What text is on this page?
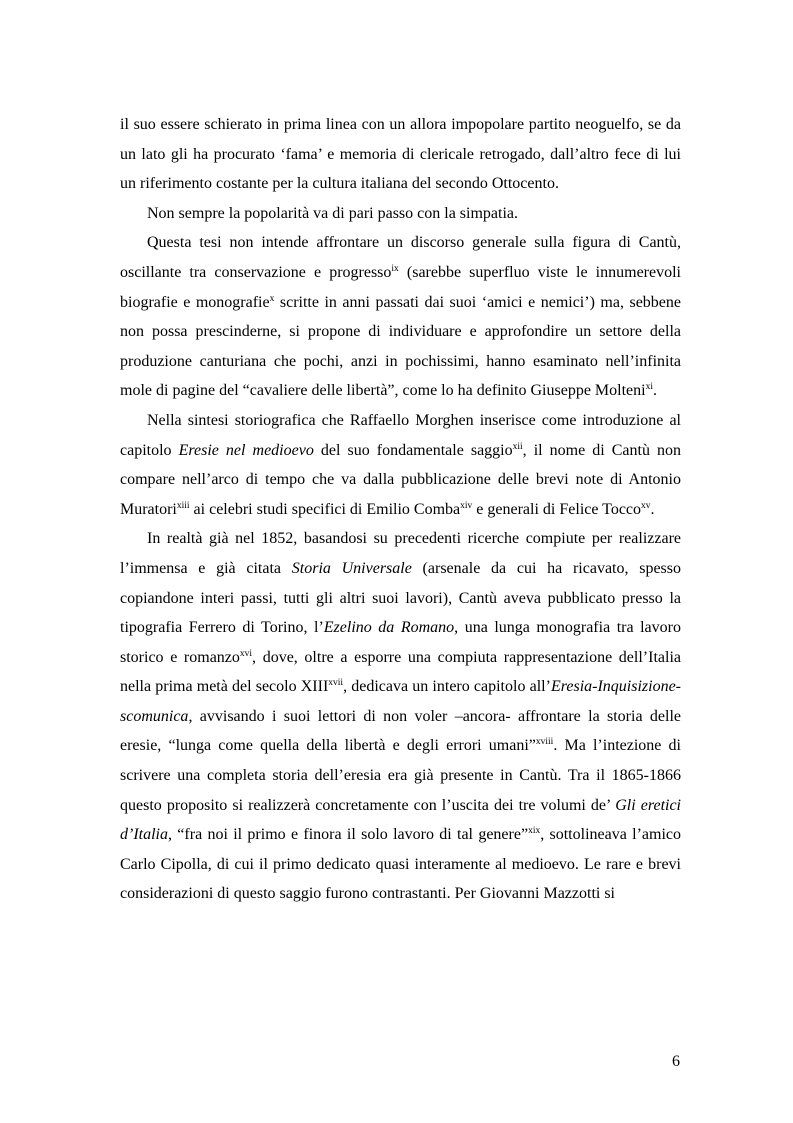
il suo essere schierato in prima linea con un allora impopolare partito neoguelfo, se da un lato gli ha procurato ‘fama’ e memoria di clericale retrogado, dall’altro fece di lui un riferimento costante per la cultura italiana del secondo Ottocento.

Non sempre la popolarità va di pari passo con la simpatia.

Questa tesi non intende affrontare un discorso generale sulla figura di Cantù, oscillante tra conservazione e progresso$^{ix}$ (sarebbe superfluo viste le innumerevoli biografie e monografie$^x$ scritte in anni passati dai suoi ‘amici e nemici’) ma, sebbene non possa prescinderne, si propone di individuare e approfondire un settore della produzione canturiana che pochi, anzi in pochissimi, hanno esaminato nell’infinita mole di pagine del “cavaliere delle libertà”, come lo ha definito Giuseppe Molteni$^{xi}$.

Nella sintesi storiografica che Raffaello Morghen inserisce come introduzione al capitolo Eresie nel medioevo del suo fondamentale saggio$^{xii}$, il nome di Cantù non compare nell’arco di tempo che va dalla pubblicazione delle brevi note di Antonio Muratori$^{xiii}$ ai celebri studi specifici di Emilio Comba$^{xiv}$ e generali di Felice Tocco$^{xv}$.

In realtà già nel 1852, basandosi su precedenti ricerche compiute per realizzare l’immensa e già citata Storia Universale (arsenale da cui ha ricavato, spesso copiandone interi passi, tutti gli altri suoi lavori), Cantù aveva pubblicato presso la tipografia Ferrero di Torino, l’Ezelino da Romano, una lunga monografia tra lavoro storico e romanzo$^{xvi}$, dove, oltre a esporre una compiuta rappresentazione dell’Italia nella prima metà del secolo XIII$^{xvii}$, dedicava un intero capitolo all’Eresia-Inquisizione-scomunica, avvisando i suoi lettori di non voler –ancora- affrontare la storia delle eresie, “lunga come quella della libertà e degli errori umani”$^{xviii}$. Ma l’intezione di scrivere una completa storia dell’eresia era già presente in Cantù. Tra il 1865-1866 questo proposito si realizzerà concretamente con l’uscita dei tre volumi de’ Gli eretici d’Italia, “fra noi il primo e finora il solo lavoro di tal genere”$^{xix}$, sottolineava l’amico Carlo Cipolla, di cui il primo dedicato quasi interamente al medioevo. Le rare e brevi considerazioni di questo saggio furono contrastanti. Per Giovanni Mazzotti si

6
